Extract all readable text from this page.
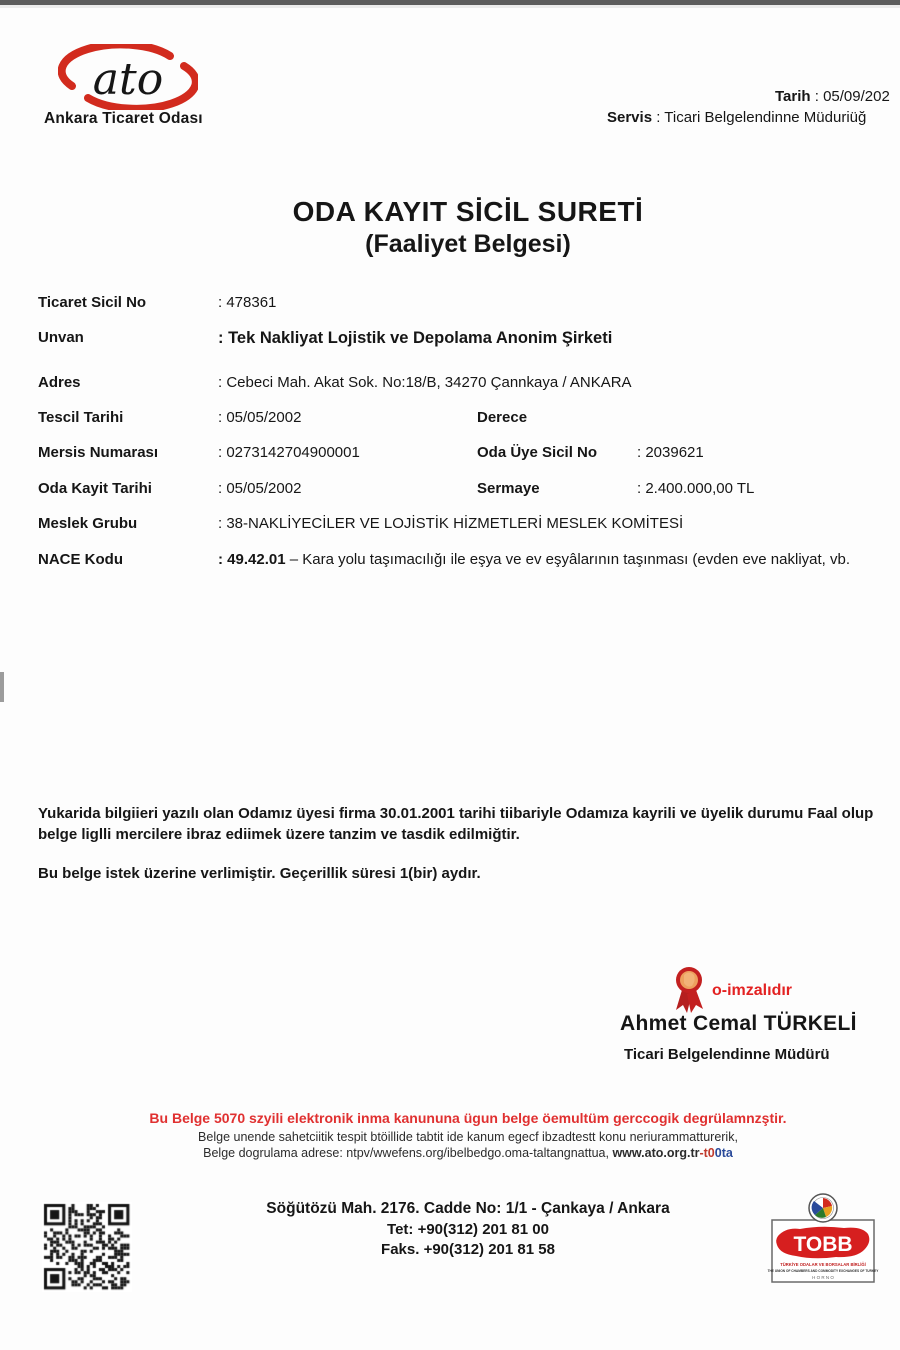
ato
Ankara Ticaret Odası
Tarih : 05/09/202
Servis : Ticari Belgelendinne Müduriüğ
ODA KAYIT SİCİL SURETİ
(Faaliyet Belgesi)
Ticaret Sicil No	: 478361
Unvan	: Tek Nakliyat Lojistik ve Depolama Anonim Şirketi
Adres	: Cebeci Mah. Akat Sok. No:18/B, 34270 Çannkaya / ANKARA
Tescil Tarihi	: 05/05/2002	Derece
Mersis Numarası	: 0273142704900001	Oda Üye Sicil No	: 2039621
Oda Kayit Tarihi	: 05/05/2002	Sermaye	: 2.400.000,00 TL
Meslek Grubu	: 38-NAKLİYECİLER VE LOJİSTİK HİZMETLERİ MESLEK KOMİTESİ
NACE Kodu	: 49.42.01 – Kara yolu taşımacılığı ile eşya ve ev eşyâlarının taşınması (evden eve nakliyat, vb.
Yukarida bilgiieri yazılı olan Odamız üyesi firma 30.01.2001 tarihi tiibariyle Odamıza kayrili ve üyelik durumu Faal olup belge liglli mercilere ibraz ediimek üzere tanzim ve tasdik edilmiğtir.
Bu belge istek üzerine verlimiştir. Geçerillik süresi 1(bir) aydır.
o-imzalıdır
Ahmet Cemal TÜRKELİ
Ticari Belgelendinne Müdürü
Bu Belge 5070 szyili elektronik inma kanununa ügun belge öemultüm gerccogik degrülamnzştir.
Belge unende sahetciitik tespit btöillide tabtit ide kanum egecf ibzadtestt konu neriurammatturerik,
Belge dogrulama adrese: ntpv/wwefens.org/ibelbedgo.oma-taltangnattua, www.ato.org.tr-t00ta
Söğütözü Mah. 2176. Cadde No: 1/1 - Çankaya / Ankara
Tet: +90(312) 201 81 00
Faks. +90(312) 201 81 58	TOBB
TÜRKİYE ODALAR VE BORSALAR BİRLİĞİ
THE UNION OF CHAMBERS AND COMMODITY EXCHANGES OF TURKEY
H O R N O
